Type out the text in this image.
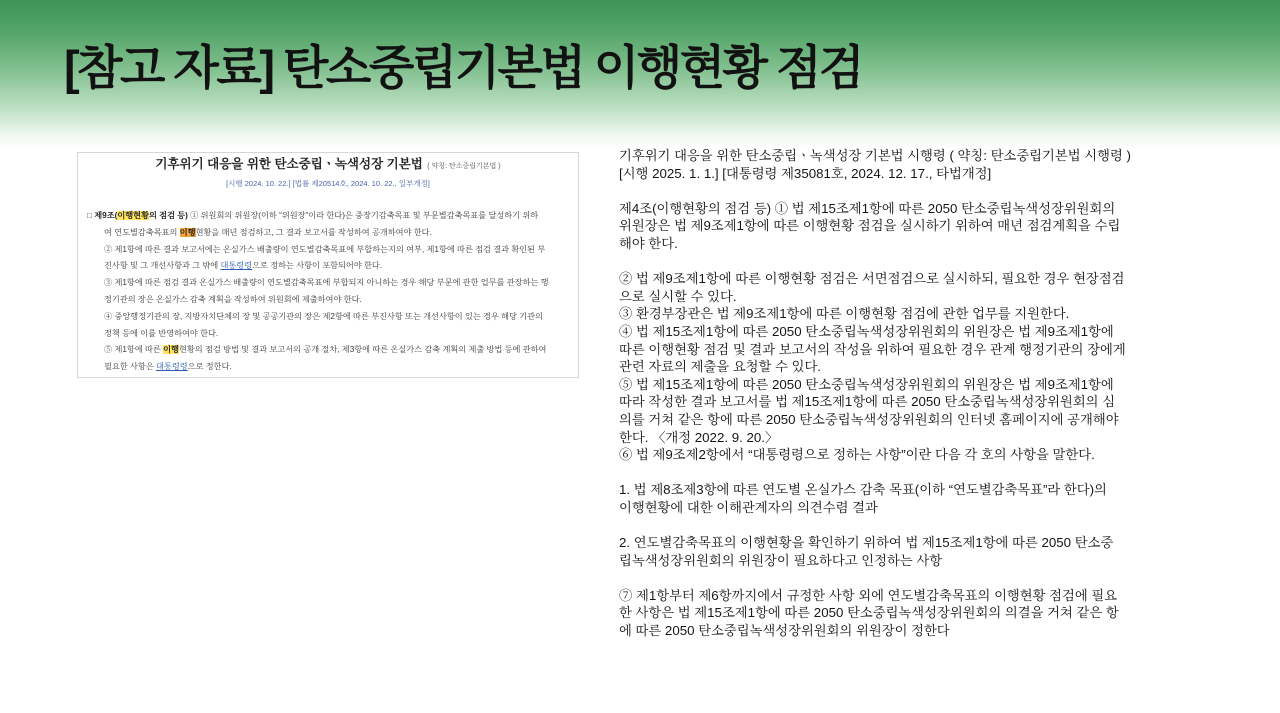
[참고 자료] 탄소중립기본법 이행현황 점검
기후위기 대응을 위한 탄소중립ㆍ녹색성장 기본법 ( 약칭: 탄소중립기본법 )
[시행 2024. 10. 22.] [법률 제20514호, 2024. 10. 22., 일부개정]
□ 제9조(이행현황의 점검 등) ① 위원회의 위원장(이하 “위원장”이라 한다)은 중장기감축목표 및 부문별감축목표를 달성하기 위하
여 연도별감축목표의 이행현황을 매년 점검하고, 그 결과 보고서를 작성하여 공개하여야 한다.
② 제1항에 따른 결과 보고서에는 온실가스 배출량이 연도별감축목표에 부합하는지의 여부, 제1항에 따른 점검 결과 확인된 부
진사항 및 그 개선사항과 그 밖에 대통령령으로 정하는 사항이 포함되어야 한다.
③ 제1항에 따른 점검 결과 온실가스 배출량이 연도별감축목표에 부합되지 아니하는 경우 해당 부문에 관한 업무를 관장하는 행
정기관의 장은 온실가스 감축 계획을 작성하여 위원회에 제출하여야 한다.
④ 중앙행정기관의 장, 지방자치단체의 장 및 공공기관의 장은 제2항에 따른 부진사항 또는 개선사항이 있는 경우 해당 기관의
정책 등에 이를 반영하여야 한다.
⑤ 제1항에 따른 이행현황의 점검 방법 및 결과 보고서의 공개 절차, 제3항에 따른 온실가스 감축 계획의 제출 방법 등에 관하여
필요한 사항은 대통령령으로 정한다.
기후위기 대응을 위한 탄소중립ㆍ녹색성장 기본법 시행령 ( 약칭: 탄소중립기본법 시행령 )
[시행 2025. 1. 1.] [대통령령 제35081호, 2024. 12. 17., 타법개정]
제4조(이행현황의 점검 등) ① 법 제15조제1항에 따른 2050 탄소중립녹색성장위원회의
위원장은 법 제9조제1항에 따른 이행현황 점검을 실시하기 위하여 매년 점검계획을 수립
해야 한다.
② 법 제9조제1항에 따른 이행현황 점검은 서면점검으로 실시하되, 필요한 경우 현장점검
으로 실시할 수 있다.
③ 환경부장관은 법 제9조제1항에 따른 이행현황 점검에 관한 업무를 지원한다.
④ 법 제15조제1항에 따른 2050 탄소중립녹색성장위원회의 위원장은 법 제9조제1항에
따른 이행현황 점검 및 결과 보고서의 작성을 위하여 필요한 경우 관계 행정기관의 장에게
관련 자료의 제출을 요청할 수 있다.
⑤ 법 제15조제1항에 따른 2050 탄소중립녹색성장위원회의 위원장은 법 제9조제1항에
따라 작성한 결과 보고서를 법 제15조제1항에 따른 2050 탄소중립녹색성장위원회의 심
의를 거쳐 같은 항에 따른 2050 탄소중립녹색성장위원회의 인터넷 홈페이지에 공개해야
한다. 〈개정 2022. 9. 20.〉
⑥ 법 제9조제2항에서 “대통령령으로 정하는 사항”이란 다음 각 호의 사항을 말한다.
1. 법 제8조제3항에 따른 연도별 온실가스 감축 목표(이하 “연도별감축목표”라 한다)의
이행현황에 대한 이해관계자의 의견수렴 결과
2. 연도별감축목표의 이행현황을 확인하기 위하여 법 제15조제1항에 따른 2050 탄소중
립녹색성장위원회의 위원장이 필요하다고 인정하는 사항
⑦ 제1항부터 제6항까지에서 규정한 사항 외에 연도별감축목표의 이행현황 점검에 필요
한 사항은 법 제15조제1항에 따른 2050 탄소중립녹색성장위원회의 의결을 거쳐 같은 항
에 따른 2050 탄소중립녹색성장위원회의 위원장이 정한다
